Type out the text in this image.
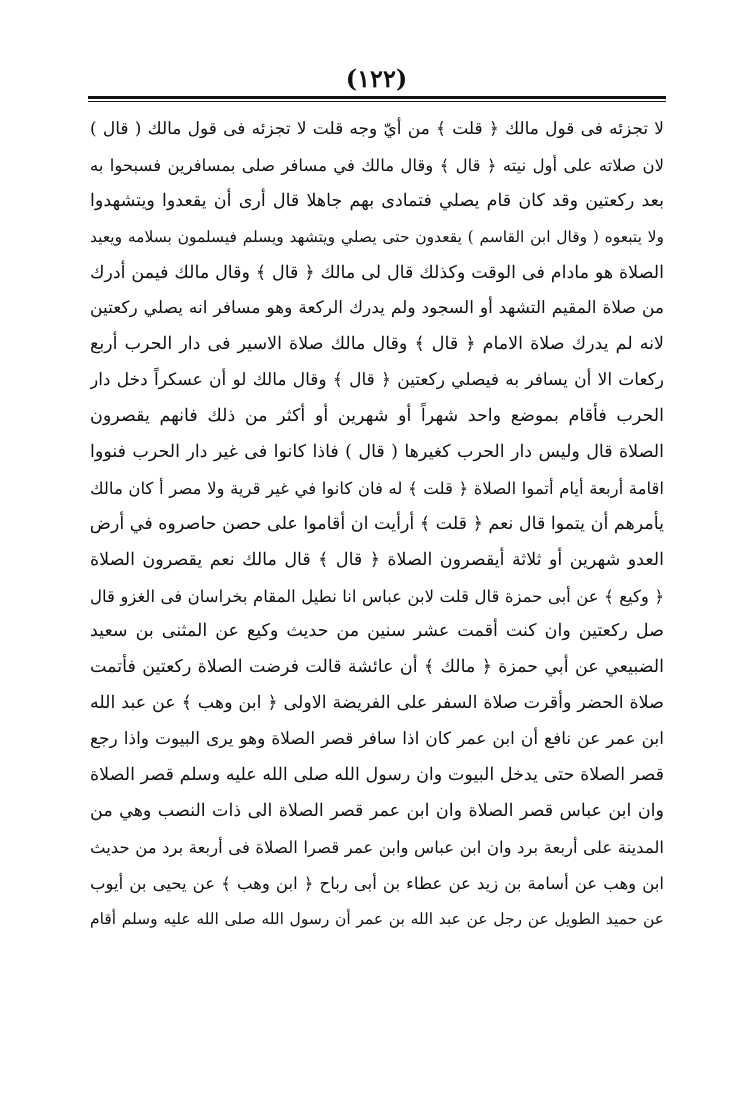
(١٢٢)
لا تجزئه فى قول مالك ﴿ قلت ﴾ من أيّ وجه قلت لا تجزئه فى قول مالك ( قال )
لان صلاته على أول نيته ﴿ قال ﴾ وقال مالك في مسافر صلى بمسافرين فسبحوا به
بعد ركعتين وقد كان قام يصلي فتمادى بهم جاهلا قال أرى أن يقعدوا ويتشهدوا
ولا يتبعوه ( وقال ابن القاسم ) يقعدون حتى يصلي ويتشهد ويسلم فيسلمون بسلامه ويعيد
الصلاة هو مادام فى الوقت وكذلك قال لى مالك ﴿ قال ﴾ وقال مالك فيمن أدرك
من صلاة المقيم التشهد أو السجود ولم يدرك الركعة وهو مسافر انه يصلي ركعتين
لانه لم يدرك صلاة الامام ﴿ قال ﴾ وقال مالك صلاة الاسير فى دار الحرب أربع
ركعات الا أن يسافر به فيصلي ركعتين ﴿ قال ﴾ وقال مالك لو أن عسكراً دخل دار
الحرب فأقام بموضع واحد شهراً أو شهرين أو أكثر من ذلك فانهم يقصرون
الصلاة قال وليس دار الحرب كغيرها ( قال ) فاذا كانوا فى غير دار الحرب فنووا
اقامة أربعة أيام أتموا الصلاة ﴿ قلت ﴾ له فان كانوا في غير قرية ولا مصر أ كان مالك
يأمرهم أن يتموا قال نعم ﴿ قلت ﴾ أرأيت ان أقاموا على حصن حاصروه في أرض
العدو شهرين أو ثلاثة أيقصرون الصلاة ﴿ قال ﴾ قال مالك نعم يقصرون الصلاة
﴿ وكيع ﴾ عن أبى حمزة قال قلت لابن عباس انا نطيل المقام بخراسان فى الغزو قال
صل ركعتين وان كنت أقمت عشر سنين من حديث وكيع عن المثنى بن سعيد
الضبيعي عن أبي حمزة ﴿ مالك ﴾ أن عائشة قالت فرضت الصلاة ركعتين فأتمت
صلاة الحضر وأقرت صلاة السفر على الفريضة الاولى ﴿ ابن وهب ﴾ عن عبد الله
ابن عمر عن نافع أن ابن عمر كان اذا سافر قصر الصلاة وهو يرى البيوت واذا رجع
قصر الصلاة حتى يدخل البيوت وان رسول الله صلى الله عليه وسلم قصر الصلاة
وان ابن عباس قصر الصلاة وان ابن عمر قصر الصلاة الى ذات النصب وهي من
المدينة على أربعة برد وان ابن عباس وابن عمر قصرا الصلاة فى أربعة برد من حديث
ابن وهب عن أسامة بن زيد عن عطاء بن أبى رباح ﴿ ابن وهب ﴾ عن يحيى بن أيوب
عن حميد الطويل عن رجل عن عبد الله بن عمر أن رسول الله صلى الله عليه وسلم أقام
